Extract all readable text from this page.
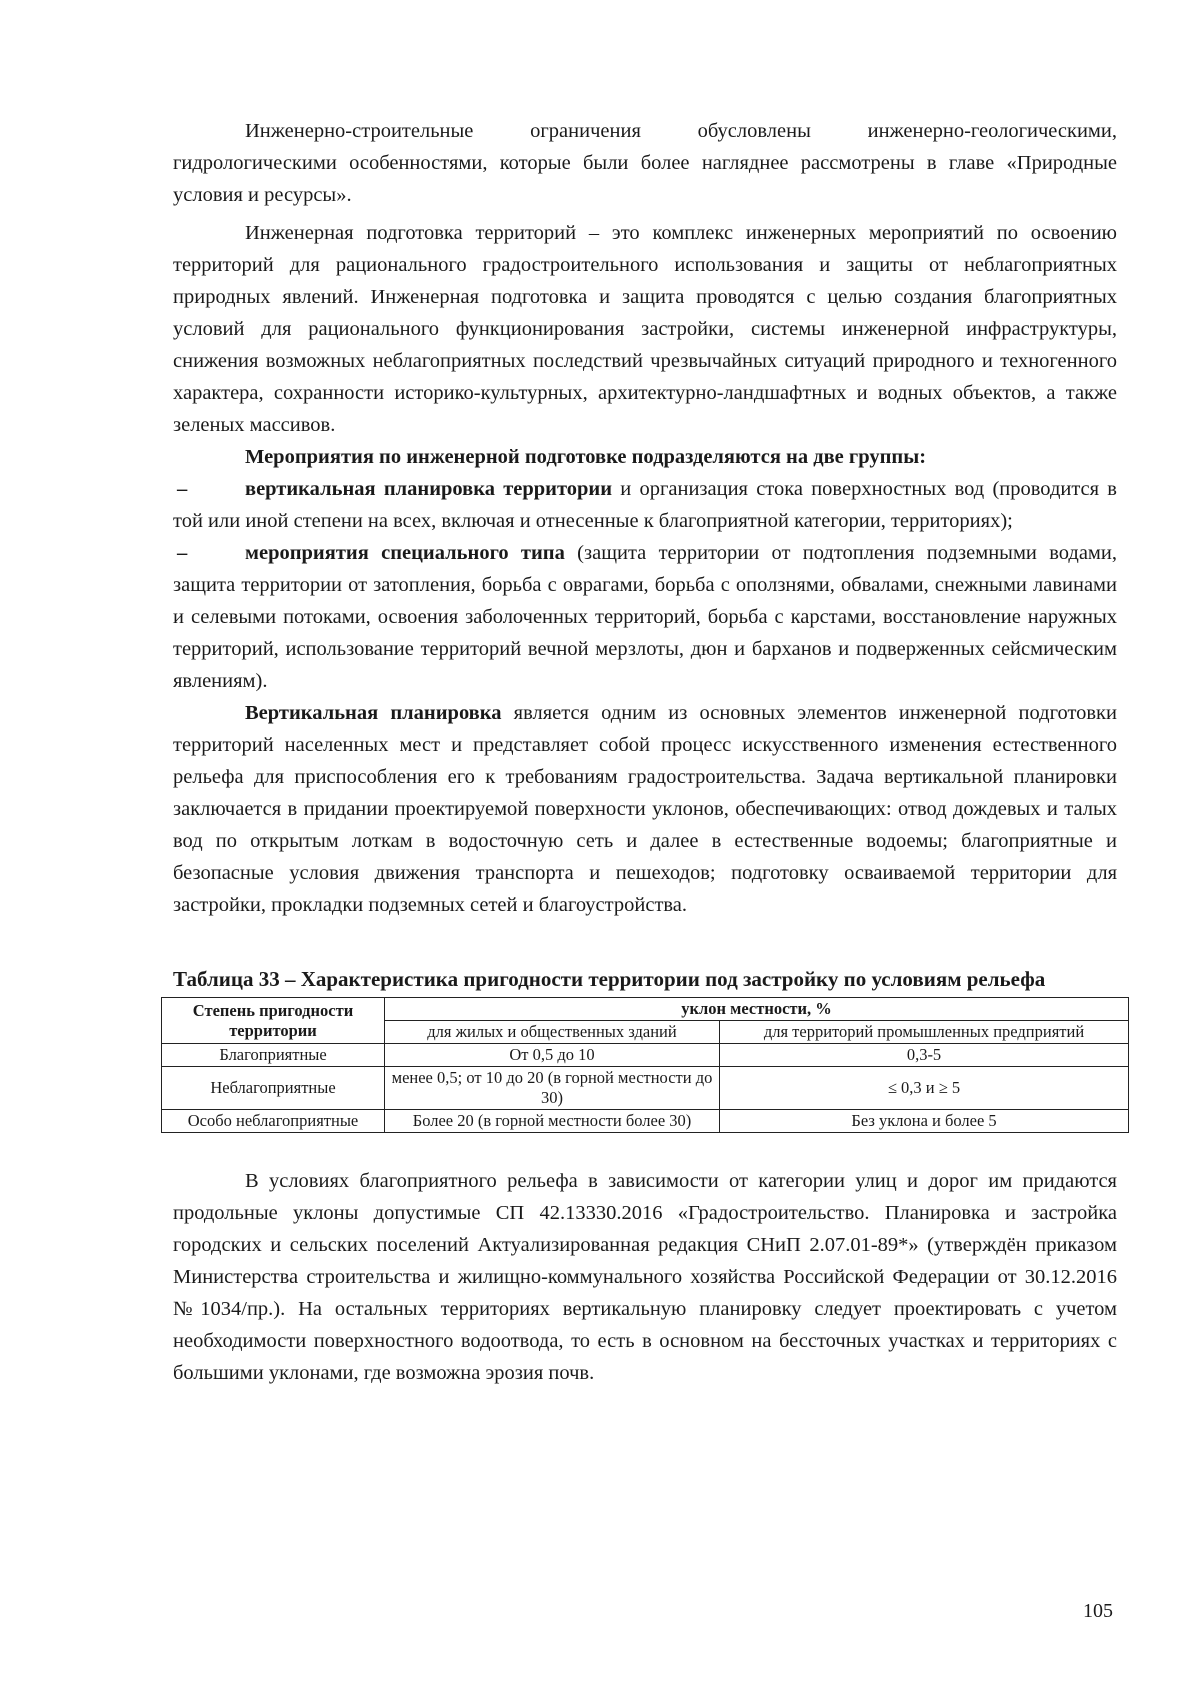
Инженерно-строительные ограничения обусловлены инженерно-геологическими, гидрологическими особенностями, которые были более нагляднее рассмотрены в главе «Природные условия и ресурсы».

Инженерная подготовка территорий – это комплекс инженерных мероприятий по освоению территорий для рационального градостроительного использования и защиты от неблагоприятных природных явлений. Инженерная подготовка и защита проводятся с целью создания благоприятных условий для рационального функционирования застройки, системы инженерной инфраструктуры, снижения возможных неблагоприятных последствий чрезвычайных ситуаций природного и техногенного характера, сохранности историко-культурных, архитектурно-ландшафтных и водных объектов, а также зеленых массивов.

Мероприятия по инженерной подготовке подразделяются на две группы:

–	вертикальная планировка территории и организация стока поверхностных вод (проводится в той или иной степени на всех, включая и отнесенные к благоприятной категории, территориях);

–	мероприятия специального типа (защита территории от подтопления подземными водами, защита территории от затопления, борьба с оврагами, борьба с оползнями, обвалами, снежными лавинами и селевыми потоками, освоения заболоченных территорий, борьба с карстами, восстановление наружных территорий, использование территорий вечной мерзлоты, дюн и барханов и подверженных сейсмическим явлениям).

Вертикальная планировка является одним из основных элементов инженерной подготовки территорий населенных мест и представляет собой процесс искусственного изменения естественного рельефа для приспособления его к требованиям градостроительства. Задача вертикальной планировки заключается в придании проектируемой поверхности уклонов, обеспечивающих: отвод дождевых и талых вод по открытым лоткам в водосточную сеть и далее в естественные водоемы; благоприятные и безопасные условия движения транспорта и пешеходов; подготовку осваиваемой территории для застройки, прокладки подземных сетей и благоустройства.

Таблица 33 – Характеристика пригодности территории под застройку по условиям рельефа
Степень пригодности территории	уклон местности, %	
	для жилых и общественных зданий	для территорий промышленных предприятий
Благоприятные	От 0,5 до 10	0,3-5
Неблагоприятные	менее 0,5; от 10 до 20 (в горной местности до 30)	≤ 0,3 и ≥ 5
Особо неблагоприятные	Более 20 (в горной местности более 30)	Без уклона и более 5

В условиях благоприятного рельефа в зависимости от категории улиц и дорог им придаются продольные уклоны допустимые СП 42.13330.2016 «Градостроительство. Планировка и застройка городских и сельских поселений Актуализированная редакция СНиП 2.07.01-89*» (утверждён приказом Министерства строительства и жилищно-коммунального хозяйства Российской Федерации от 30.12.2016 №1034/пр.). На остальных территориях вертикальную планировку следует проектировать с учетом необходимости поверхностного водоотвода, то есть в основном на бессточных участках и территориях с большими уклонами, где возможна эрозия почв.

105
